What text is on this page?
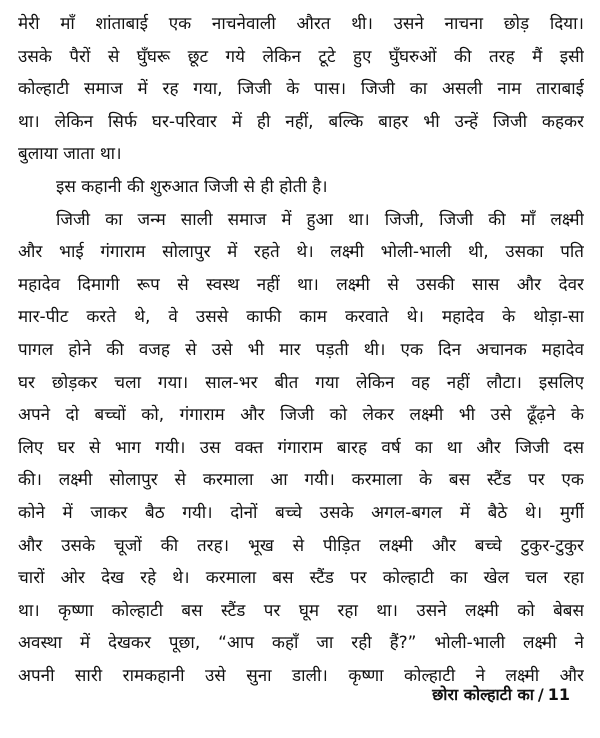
मेरी माँ शांताबाई एक नाचनेवाली औरत थी। उसने नाचना छोड़ दिया।
उसके पैरों से घुँघरू छूट गये लेकिन टूटे हुए घुँघरुओं की तरह मैं इसी
कोल्हाटी समाज में रह गया, जिजी के पास। जिजी का असली नाम ताराबाई
था। लेकिन सिर्फ घर-परिवार में ही नहीं, बल्कि बाहर भी उन्हें जिजी कहकर
बुलाया जाता था।
इस कहानी की शुरुआत जिजी से ही होती है।
जिजी का जन्म साली समाज में हुआ था। जिजी, जिजी की माँ लक्ष्मी
और भाई गंगाराम सोलापुर में रहते थे। लक्ष्मी भोली-भाली थी, उसका पति
महादेव दिमागी रूप से स्वस्थ नहीं था। लक्ष्मी से उसकी सास और देवर
मार-पीट करते थे, वे उससे काफी काम करवाते थे। महादेव के थोड़ा-सा
पागल होने की वजह से उसे भी मार पड़ती थी। एक दिन अचानक महादेव
घर छोड़कर चला गया। साल-भर बीत गया लेकिन वह नहीं लौटा। इसलिए
अपने दो बच्चों को, गंगाराम और जिजी को लेकर लक्ष्मी भी उसे ढूँढ़ने के
लिए घर से भाग गयी। उस वक्त गंगाराम बारह वर्ष का था और जिजी दस
की। लक्ष्मी सोलापुर से करमाला आ गयी। करमाला के बस स्टैंड पर एक
कोने में जाकर बैठ गयी। दोनों बच्चे उसके अगल-बगल में बैठे थे। मुर्गी
और उसके चूजों की तरह। भूख से पीड़ित लक्ष्मी और बच्चे टुकुर-टुकुर
चारों ओर देख रहे थे। करमाला बस स्टैंड पर कोल्हाटी का खेल चल रहा
था। कृष्णा कोल्हाटी बस स्टैंड पर घूम रहा था। उसने लक्ष्मी को बेबस
अवस्था में देखकर पूछा, “आप कहाँ जा रही हैं?” भोली-भाली लक्ष्मी ने
अपनी सारी रामकहानी उसे सुना डाली। कृष्णा कोल्हाटी ने लक्ष्मी और
छोरा कोल्हाटी का / 11
